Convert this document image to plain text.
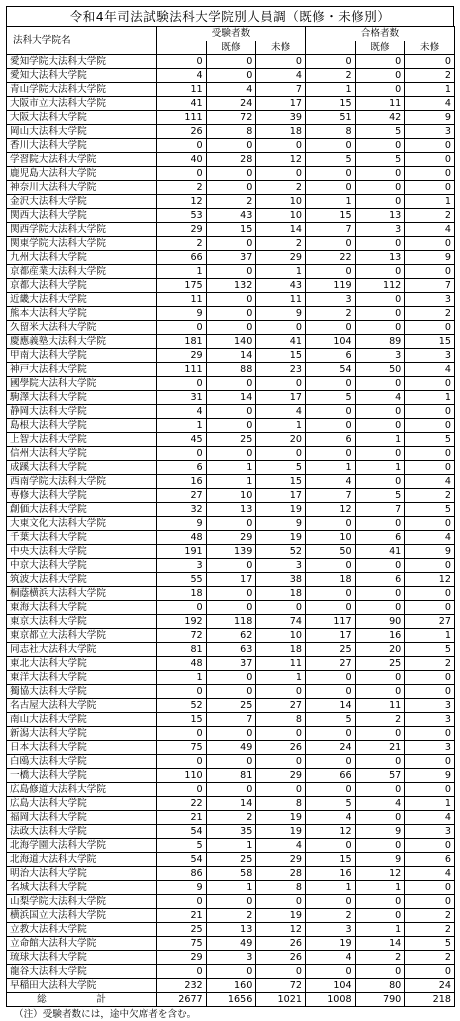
令和4年司法試験法科大学院別人員調（既修・未修別）
法科大学院名	受験者数			合格者数		
		既修	未修		既修	未修
愛知学院大法科大学院	0	0	0	0	0	0
愛知大法科大学院	4	0	4	2	0	2
青山学院大法科大学院	11	4	7	1	0	1
大阪市立大法科大学院	41	24	17	15	11	4
大阪大法科大学院	111	72	39	51	42	9
岡山大法科大学院	26	8	18	8	5	3
香川大法科大学院	0	0	0	0	0	0
学習院大法科大学院	40	28	12	5	5	0
鹿児島大法科大学院	0	0	0	0	0	0
神奈川大法科大学院	2	0	2	0	0	0
金沢大法科大学院	12	2	10	1	0	1
関西大法科大学院	53	43	10	15	13	2
関西学院大法科大学院	29	15	14	7	3	4
関東学院大法科大学院	2	0	2	0	0	0
九州大法科大学院	66	37	29	22	13	9
京都産業大法科大学院	1	0	1	0	0	0
京都大法科大学院	175	132	43	119	112	7
近畿大法科大学院	11	0	11	3	0	3
熊本大法科大学院	9	0	9	2	0	2
久留米大法科大学院	0	0	0	0	0	0
慶應義塾大法科大学院	181	140	41	104	89	15
甲南大法科大学院	29	14	15	6	3	3
神戸大法科大学院	111	88	23	54	50	4
國學院大法科大学院	0	0	0	0	0	0
駒澤大法科大学院	31	14	17	5	4	1
静岡大法科大学院	4	0	4	0	0	0
島根大法科大学院	1	0	1	0	0	0
上智大法科大学院	45	25	20	6	1	5
信州大法科大学院	0	0	0	0	0	0
成蹊大法科大学院	6	1	5	1	1	0
西南学院大法科大学院	16	1	15	4	0	4
専修大法科大学院	27	10	17	7	5	2
創価大法科大学院	32	13	19	12	7	5
大東文化大法科大学院	9	0	9	0	0	0
千葉大法科大学院	48	29	19	10	6	4
中央大法科大学院	191	139	52	50	41	9
中京大法科大学院	3	0	3	0	0	0
筑波大法科大学院	55	17	38	18	6	12
桐蔭横浜大法科大学院	18	0	18	0	0	0
東海大法科大学院	0	0	0	0	0	0
東京大法科大学院	192	118	74	117	90	27
東京都立大法科大学院	72	62	10	17	16	1
同志社大法科大学院	81	63	18	25	20	5
東北大法科大学院	48	37	11	27	25	2
東洋大法科大学院	1	0	1	0	0	0
獨協大法科大学院	0	0	0	0	0	0
名古屋大法科大学院	52	25	27	14	11	3
南山大法科大学院	15	7	8	5	2	3
新潟大法科大学院	0	0	0	0	0	0
日本大法科大学院	75	49	26	24	21	3
白鴎大法科大学院	0	0	0	0	0	0
一橋大法科大学院	110	81	29	66	57	9
広島修道大法科大学院	0	0	0	0	0	0
広島大法科大学院	22	14	8	5	4	1
福岡大法科大学院	21	2	19	4	0	4
法政大法科大学院	54	35	19	12	9	3
北海学園大法科大学院	5	1	4	0	0	0
北海道大法科大学院	54	25	29	15	9	6
明治大法科大学院	86	58	28	16	12	4
名城大法科大学院	9	1	8	1	1	0
山梨学院大法科大学院	0	0	0	0	0	0
横浜国立大法科大学院	21	2	19	2	0	2
立教大法科大学院	25	13	12	3	1	2
立命館大法科大学院	75	49	26	19	14	5
琉球大法科大学院	29	3	26	4	2	2
龍谷大法科大学院	0	0	0	0	0	0
早稲田大法科大学院	232	160	72	104	80	24
総　計	2677	1656	1021	1008	790	218
（注）受験者数には，途中欠席者を含む。
